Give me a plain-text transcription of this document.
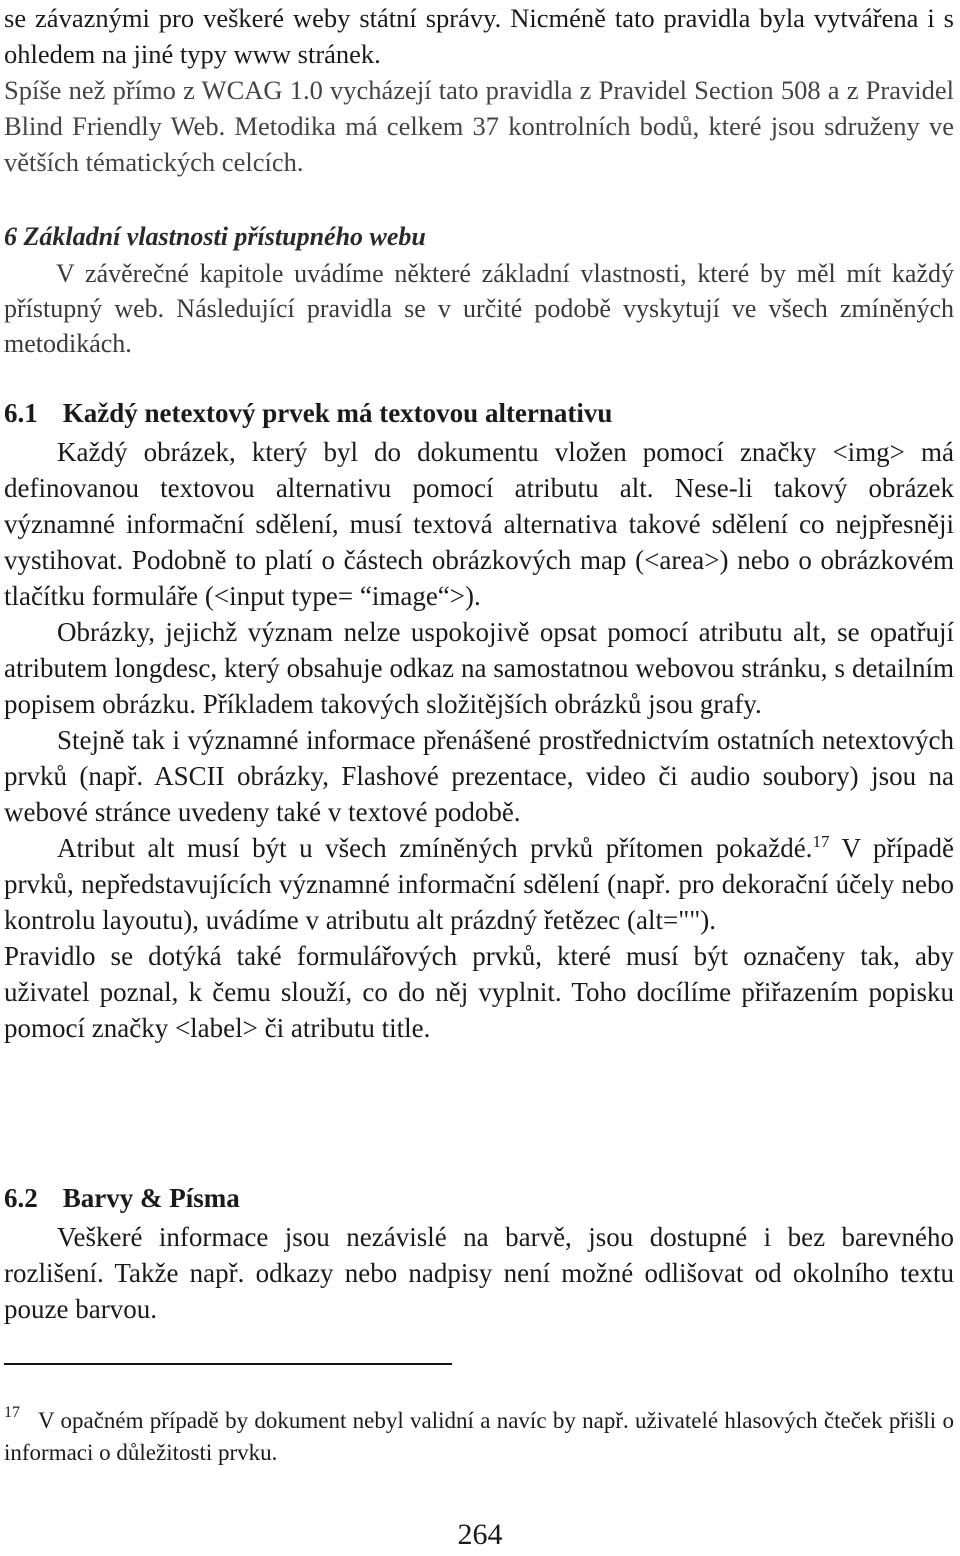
se závaznými pro veškeré weby státní správy. Nicméně tato pravidla byla vytvářena i s ohledem na jiné typy www stránek.

Spíše než přímo z WCAG 1.0 vycházejí tato pravidla z Pravidel Section 508 a z Pravidel Blind Friendly Web. Metodika má celkem 37 kontrolních bodů, které jsou sdruženy ve větších tématických celcích.

6 Základní vlastnosti přístupného webu
V závěrečné kapitole uvádíme některé základní vlastnosti, které by měl mít každý přístupný web. Následující pravidla se v určité podobě vyskytují ve všech zmíněných metodikách.
6.1 Každý netextový prvek má textovou alternativu

Každý obrázek, který byl do dokumentu vložen pomocí značky <img> má definovanou textovou alternativu pomocí atributu alt. Nese-li takový obrázek významné informační sdělení, musí textová alternativa takové sdělení co nejpřesněji vystihovat. Podobně to platí o částech obrázkových map (<area>) nebo o obrázkovém tlačítku formuláře (<input type= “image“>).

Obrázky, jejichž význam nelze uspokojivě opsat pomocí atributu alt, se opatřují atributem longdesc, který obsahuje odkaz na samostatnou webovou stránku, s detailním popisem obrázku. Příkladem takových složitějších obrázků jsou grafy.

Stejně tak i významné informace přenášené prostřednictvím ostatních netextových prvků (např. ASCII obrázky, Flashové prezentace, video či audio soubory) jsou na webové stránce uvedeny také v textové podobě.

Atribut alt musí být u všech zmíněných prvků přítomen pokaždé.$^{17}$ V případě prvků, nepředstavujících významné informační sdělení (např. pro dekorační účely nebo kontrolu layoutu), uvádíme v atributu alt prázdný řetězec (alt="").

Pravidlo se dotýká také formulářových prvků, které musí být označeny tak, aby uživatel poznal, k čemu slouží, co do něj vyplnit. Toho docílíme přiřazením popisku pomocí značky <label> či atributu title.

6.2 Barvy & Písma

Veškeré informace jsou nezávislé na barvě, jsou dostupné i bez barevného rozlišení. Takže např. odkazy nebo nadpisy není možné odlišovat od okolního textu pouze barvou.

$^{17}$ V opačném případě by dokument nebyl validní a navíc by např. uživatelé hlasových čteček přišli o informaci o důležitosti prvku.
264
